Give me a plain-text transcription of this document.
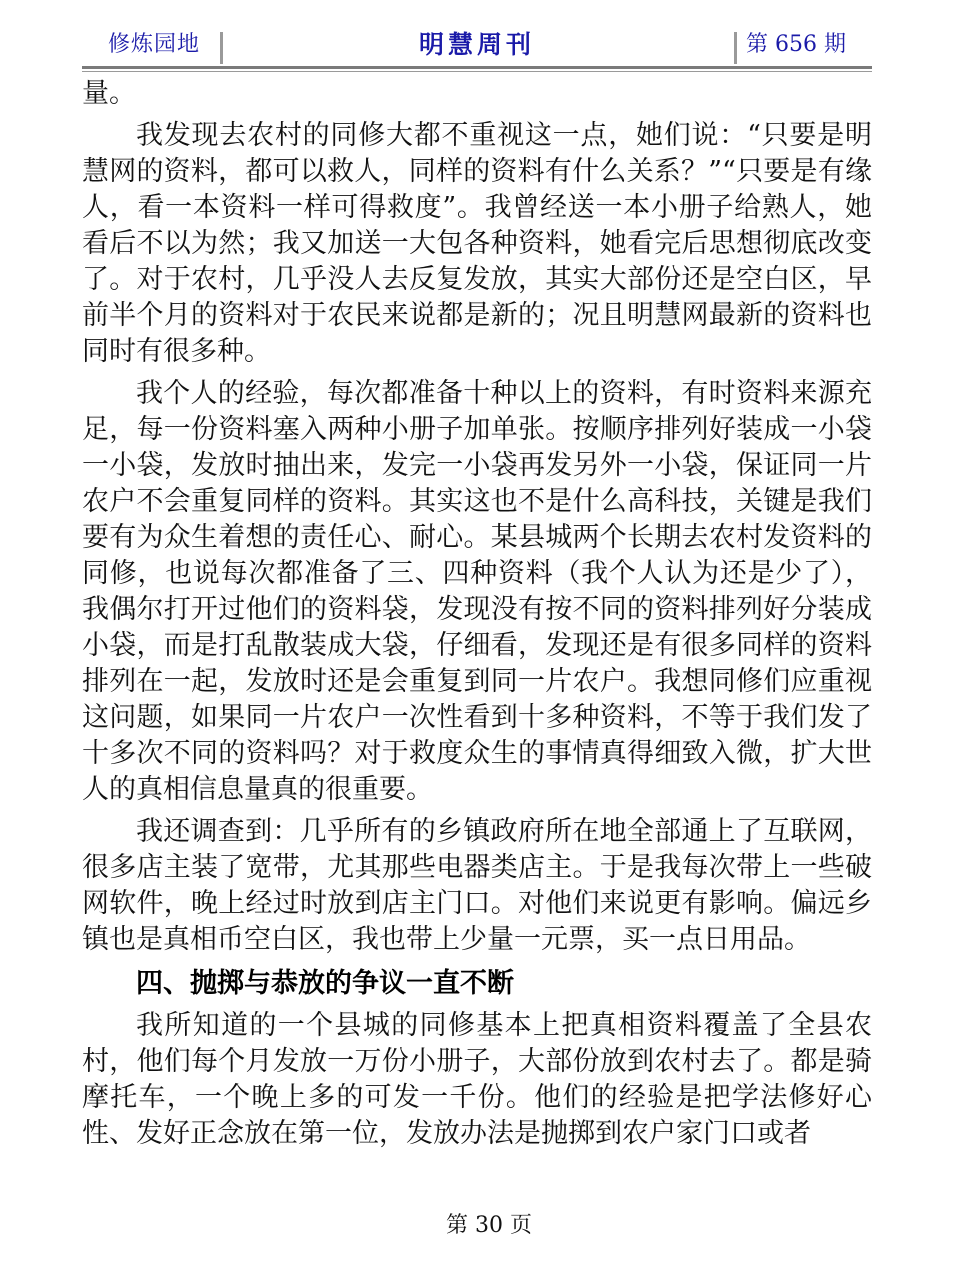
修炼园地	明慧周刊	第 656 期

量。

我发现去农村的同修大都不重视这一点，她们说：“只要是明慧网的资料，都可以救人，同样的资料有什么关系？”“只要是有缘人，看一本资料一样可得救度”。我曾经送一本小册子给熟人，她看后不以为然；我又加送一大包各种资料，她看完后思想彻底改变了。对于农村，几乎没人去反复发放，其实大部份还是空白区，早前半个月的资料对于农民来说都是新的；况且明慧网最新的资料也同时有很多种。

我个人的经验，每次都准备十种以上的资料，有时资料来源充足，每一份资料塞入两种小册子加单张。按顺序排列好装成一小袋一小袋，发放时抽出来，发完一小袋再发另外一小袋，保证同一片农户不会重复同样的资料。其实这也不是什么高科技，关键是我们要有为众生着想的责任心、耐心。某县城两个长期去农村发资料的同修，也说每次都准备了三、四种资料（我个人认为还是少了），我偶尔打开过他们的资料袋，发现没有按不同的资料排列好分装成小袋，而是打乱散装成大袋，仔细看，发现还是有很多同样的资料排列在一起，发放时还是会重复到同一片农户。我想同修们应重视这问题，如果同一片农户一次性看到十多种资料，不等于我们发了十多次不同的资料吗？对于救度众生的事情真得细致入微，扩大世人的真相信息量真的很重要。

我还调查到：几乎所有的乡镇政府所在地全部通上了互联网，很多店主装了宽带，尤其那些电器类店主。于是我每次带上一些破网软件，晚上经过时放到店主门口。对他们来说更有影响。偏远乡镇也是真相币空白区，我也带上少量一元票，买一点日用品。

四、抛掷与恭放的争议一直不断

我所知道的一个县城的同修基本上把真相资料覆盖了全县农村，他们每个月发放一万份小册子，大部份放到农村去了。都是骑摩托车，一个晚上多的可发一千份。他们的经验是把学法修好心性、发好正念放在第一位，发放办法是抛掷到农户家门口或者

第 30 页
